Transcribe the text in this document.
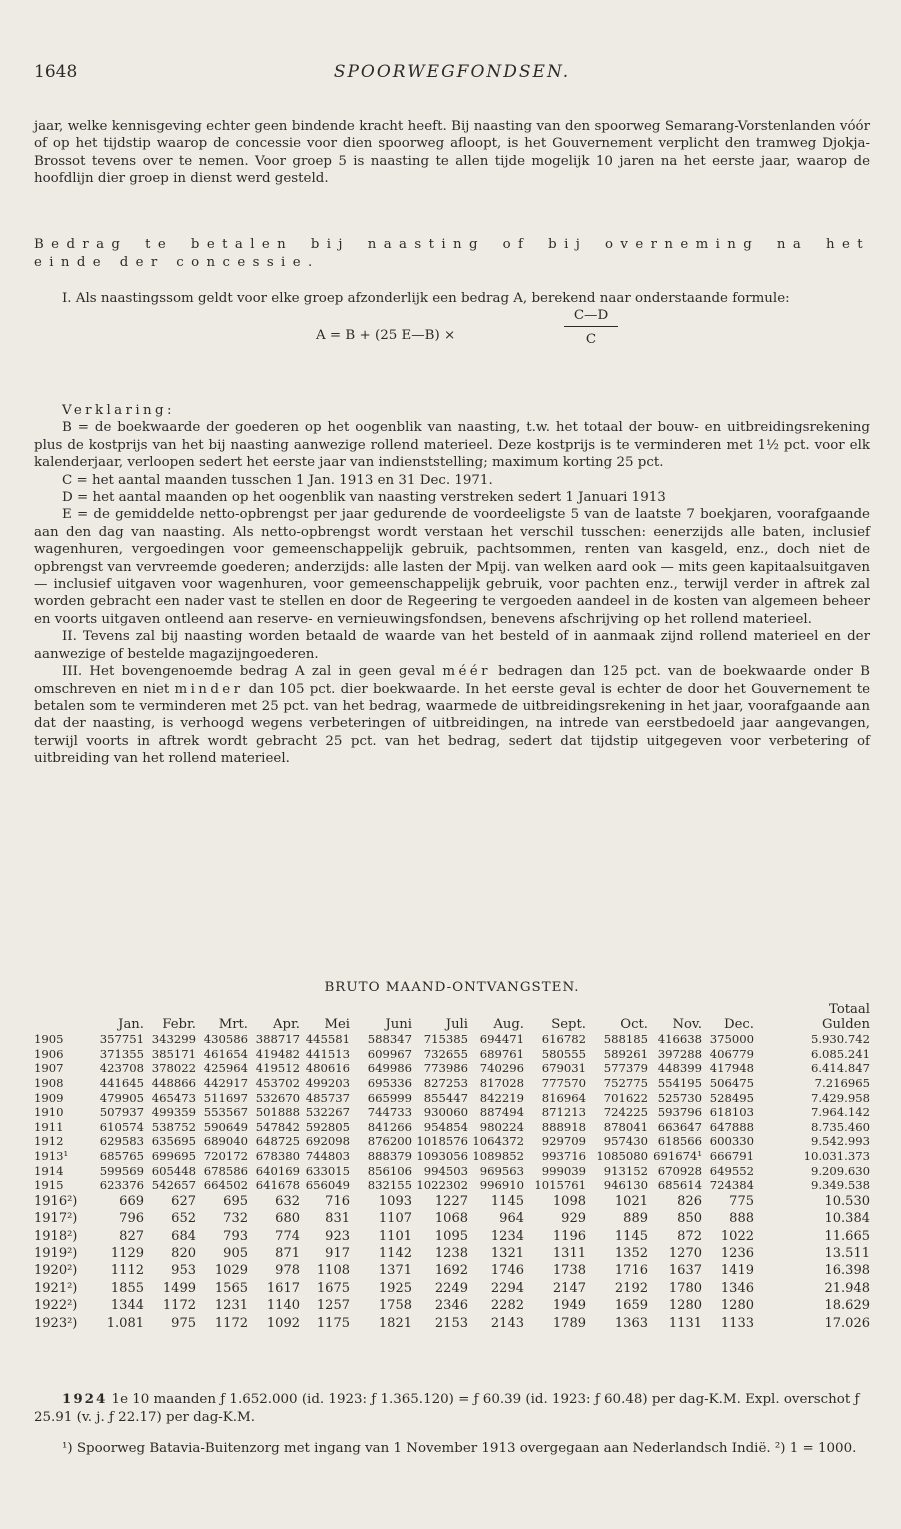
1648	SPOORWEGFONDSEN.

jaar, welke kennisgeving echter geen bindende kracht heeft. Bij naasting van den spoorweg Semarang-Vorstenlanden vóór of op het tijdstip waarop de concessie voor dien spoorweg afloopt, is het Gouvernement verplicht den tramweg Djokja-Brossot tevens over te nemen. Voor groep 5 is naasting te allen tijde mogelijk 10 jaren na het eerste jaar, waarop de hoofdlijn dier groep in dienst werd gesteld.

Bedrag te betalen bij naasting of bij overneming na het einde der concessie.

I. Als naastingssom geldt voor elke groep afzonderlijk een bedrag A, berekend naar onderstaande formule:

A = B + (25 E—B) ×
C—D
C

Verklaring:

B = de boekwaarde der goederen op het oogenblik van naasting, t.w. het totaal der bouw- en uitbreidingsrekening plus de kostprijs van het bij naasting aanwezige rollend materieel. Deze kostprijs is te verminderen met 1½ pct. voor elk kalenderjaar, verloopen sedert het eerste jaar van indienststelling; maximum korting 25 pct.

C = het aantal maanden tusschen 1 Jan. 1913 en 31 Dec. 1971.

D = het aantal maanden op het oogenblik van naasting verstreken sedert 1 Januari 1913

E = de gemiddelde netto-opbrengst per jaar gedurende de voordeeligste 5 van de laatste 7 boekjaren, voorafgaande aan den dag van naasting. Als netto-opbrengst wordt verstaan het verschil tusschen: eenerzijds alle baten, inclusief wagenhuren, vergoedingen voor gemeenschappelijk gebruik, pachtsommen, renten van kasgeld, enz., doch niet de opbrengst van vervreemde goederen; anderzijds: alle lasten der Mpij. van welken aard ook — mits geen kapitaalsuitgaven — inclusief uitgaven voor wagenhuren, voor gemeenschappelijk gebruik, voor pachten enz., terwijl verder in aftrek zal worden gebracht een nader vast te stellen en door de Regeering te vergoeden aandeel in de kosten van algemeen beheer en voorts uitgaven ontleend aan reserve- en vernieuwingsfondsen, benevens afschrijving op het rollend materieel.

II. Tevens zal bij naasting worden betaald de waarde van het besteld of in aanmaak zijnd rollend materieel en der aanwezige of bestelde magazijngoederen.

III. Het bovengenoemde bedrag A zal in geen geval méér bedragen dan 125 pct. van de boekwaarde onder B omschreven en niet minder dan 105 pct. dier boekwaarde. In het eerste geval is echter de door het Gouvernement te betalen som te verminderen met 25 pct. van het bedrag, waarmede de uitbreidingsrekening in het jaar, voorafgaande aan dat der naasting, is verhoogd wegens verbeteringen of uitbreidingen, na intrede van eerstbedoeld jaar aangevangen, terwijl voorts in aftrek wordt gebracht 25 pct. van het bedrag, sedert dat tijdstip uitgegeven voor verbetering of uitbreiding van het rollend materieel.

BRUTO MAAND-ONTVANGSTEN.
	Jan.	Febr.	Mrt.	Apr.	Mei	Juni	Juli	Aug.	Sept.	Oct.	Nov.	Dec.	Totaal
Gulden
1905	357751	343299	430586	388717	445581	588347	715385	694471	616782	588185	416638	375000	5.930.742
1906	371355	385171	461654	419482	441513	609967	732655	689761	580555	589261	397288	406779	6.085.241
1907	423708	378022	425964	419512	480616	649986	773986	740296	679031	577379	448399	417948	6.414.847
1908	441645	448866	442917	453702	499203	695336	827253	817028	777570	752775	554195	506475	7.216965
1909	479905	465473	511697	532670	485737	665999	855447	842219	816964	701622	525730	528495	7.429.958
1910	507937	499359	553567	501888	532267	744733	930060	887494	871213	724225	593796	618103	7.964.142
1911	610574	538752	590649	547842	592805	841266	954854	980224	888918	878041	663647	647888	8.735.460
1912	629583	635695	689040	648725	692098	876200	1018576	1064372	929709	957430	618566	600330	9.542.993
1913¹	685765	699695	720172	678380	744803	888379	1093056	1089852	993716	1085080	691674¹	666791	10.031.373
1914	599569	605448	678586	640169	633015	856106	994503	969563	999039	913152	670928	649552	9.209.630
1915	623376	542657	664502	641678	656049	832155	1022302	996910	1015761	946130	685614	724384	9.349.538
1916²)	669	627	695	632	716	1093	1227	1145	1098	1021	826	775	10.530
1917²)	796	652	732	680	831	1107	1068	964	929	889	850	888	10.384
1918²)	827	684	793	774	923	1101	1095	1234	1196	1145	872	1022	11.665
1919²)	1129	820	905	871	917	1142	1238	1321	1311	1352	1270	1236	13.511
1920²)	1112	953	1029	978	1108	1371	1692	1746	1738	1716	1637	1419	16.398
1921²)	1855	1499	1565	1617	1675	1925	2249	2294	2147	2192	1780	1346	21.948
1922²)	1344	1172	1231	1140	1257	1758	2346	2282	1949	1659	1280	1280	18.629
1923²)	1.081	975	1172	1092	1175	1821	2153	2143	1789	1363	1131	1133	17.026

1924 1e 10 maanden ƒ 1.652.000 (id. 1923: ƒ 1.365.120) = ƒ 60.39 (id. 1923: ƒ 60.48) per dag-K.M. Expl. overschot ƒ 25.91 (v. j. ƒ 22.17) per dag-K.M.

¹) Spoorweg Batavia-Buitenzorg met ingang van 1 November 1913 overgegaan aan Nederlandsch Indië. ²) 1 = 1000.
